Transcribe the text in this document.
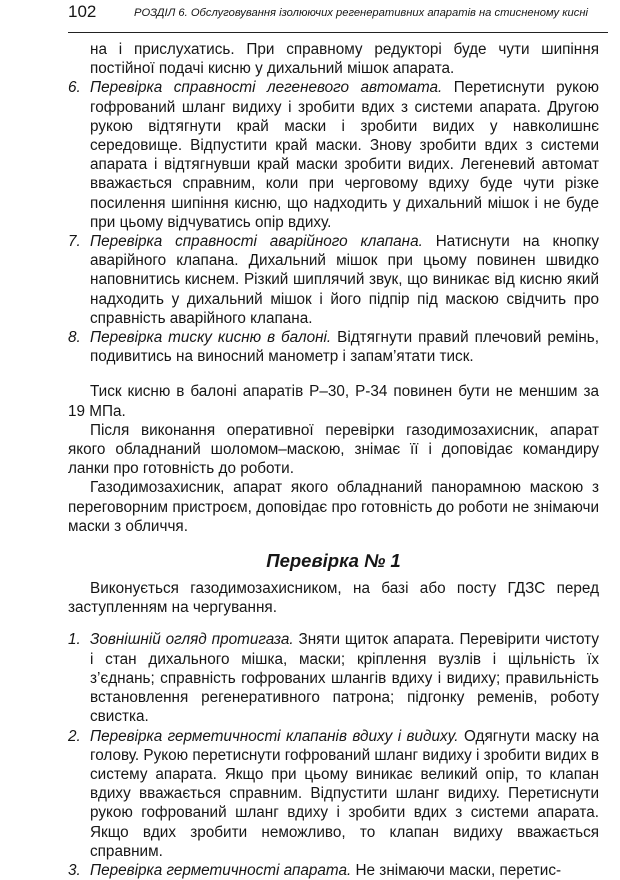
102	РОЗДІЛ 6. Обслуговування ізолюючих регенеративних апаратів на стисненому кисні

на і прислухатись. При справному редукторі буде чути шипіння постійної подачі кисню у дихальний мішок апарата.

6. Перевірка справності легеневого автомата. Перетиснути рукою гофрований шланг видиху і зробити вдих з системи апарата. Другою рукою відтягнути край маски і зробити видих у навколишнє середовище. Відпустити край маски. Знову зробити вдих з системи апарата і відтягнувши край маски зробити видих. Легеневий автомат вважається справним, коли при черговому вдиху буде чути різке посилення шипіння кисню, що надходить у дихальний мішок і не буде при цьому відчуватись опір вдиху.
7. Перевірка справності аварійного клапана. Натиснути на кнопку аварійного клапана. Дихальний мішок при цьому повинен швидко наповнитись киснем. Різкий шиплячий звук, що виникає від кисню який надходить у дихальний мішок і його підпір під маскою свідчить про справність аварійного клапана.
8. Перевірка тиску кисню в балоні. Відтягнути правий плечовий ремінь, подивитись на виносний манометр і запам’ятати тиск.

Тиск кисню в балоні апаратів Р–30, Р-34 повинен бути не меншим за 19 МПа.

Після виконання оперативної перевірки газодимозахисник, апарат якого обладнаний шоломом–маскою, знімає її і доповідає командиру ланки про готовність до роботи.

Газодимозахисник, апарат якого обладнаний панорамною маскою з переговорним пристроєм, доповідає про готовність до роботи не знімаючи маски з обличчя.

Перевірка № 1

Виконується газодимозахисником, на базі або посту ГДЗС перед заступленням на чергування.

1. Зовнішній огляд протигаза. Зняти щиток апарата. Перевірити чистоту і стан дихального мішка, маски; кріплення вузлів і щільність їх з’єднань; справність гофрованих шлангів вдиху і видиху; правильність встановлення регенеративного патрона; підгонку ременів, роботу свистка.
2. Перевірка герметичності клапанів вдиху і видиху. Одягнути маску на голову. Рукою перетиснути гофрований шланг видиху і зробити видих в систему апарата. Якщо при цьому виникає великий опір, то клапан вдиху вважається справним. Відпустити шланг видиху. Перетиснути рукою гофрований шланг вдиху і зробити вдих з системи апарата. Якщо вдих зробити неможливо, то клапан видиху вважається справним.
3. Перевірка герметичності апарата. Не знімаючи маски, перетис-
